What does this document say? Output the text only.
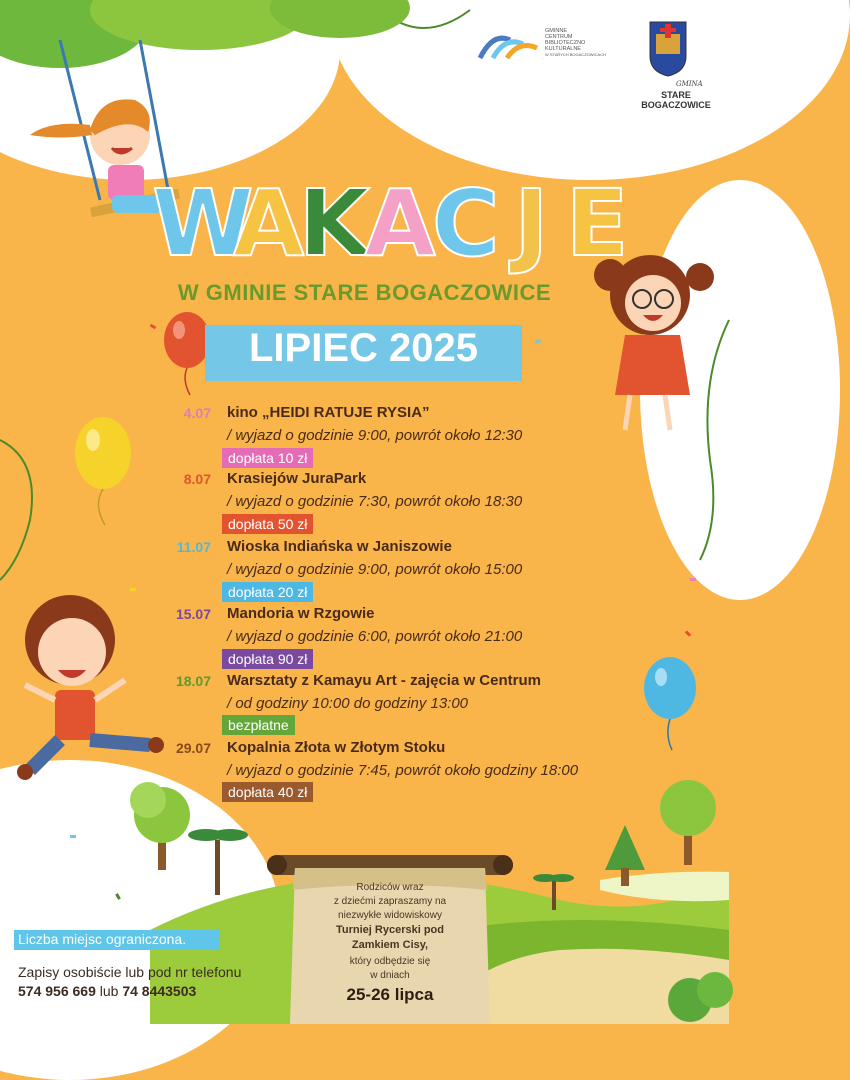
GMINNE
CENTRUM
BIBLIOTECZNO
KULTURALNE
W STARYCH BOGACZOWICACH
GMINA
STARE BOGACZOWICE
W
A
K
A
C J E
W GMINIE STARE BOGACZOWICE
LIPIEC 2025
4.07 kino „HEIDI RATUJE RYSIA”
/ wyjazd o godzinie 9:00, powrót około 12:30
dopłata 10 zł
8.07 Krasiejów JuraPark
/ wyjazd o godzinie 7:30, powrót około 18:30
dopłata 50 zł
11.07 Wioska Indiańska w Janiszowie
/ wyjazd o godzinie 9:00, powrót około 15:00
dopłata 20 zł
15.07 Mandoria w Rzgowie
/ wyjazd o godzinie 6:00, powrót około 21:00
dopłata 90 zł
18.07 Warsztaty z Kamayu Art - zajęcia w Centrum
/ od godziny 10:00 do godziny 13:00
bezpłatne
29.07 Kopalnia Złota w Złotym Stoku
/ wyjazd o godzinie 7:45, powrót około godziny 18:00
dopłata 40 zł
Rodziców wraz
z dziećmi zapraszamy na
niezwykłe widowiskowy
Turniej Rycerski pod
Zamkiem Cisy,
który odbędzie się
w dniach
25-26 lipca
Liczba miejsc ograniczona.
Zapisy osobiście lub pod nr telefonu
574 956 669 lub 74 8443503
